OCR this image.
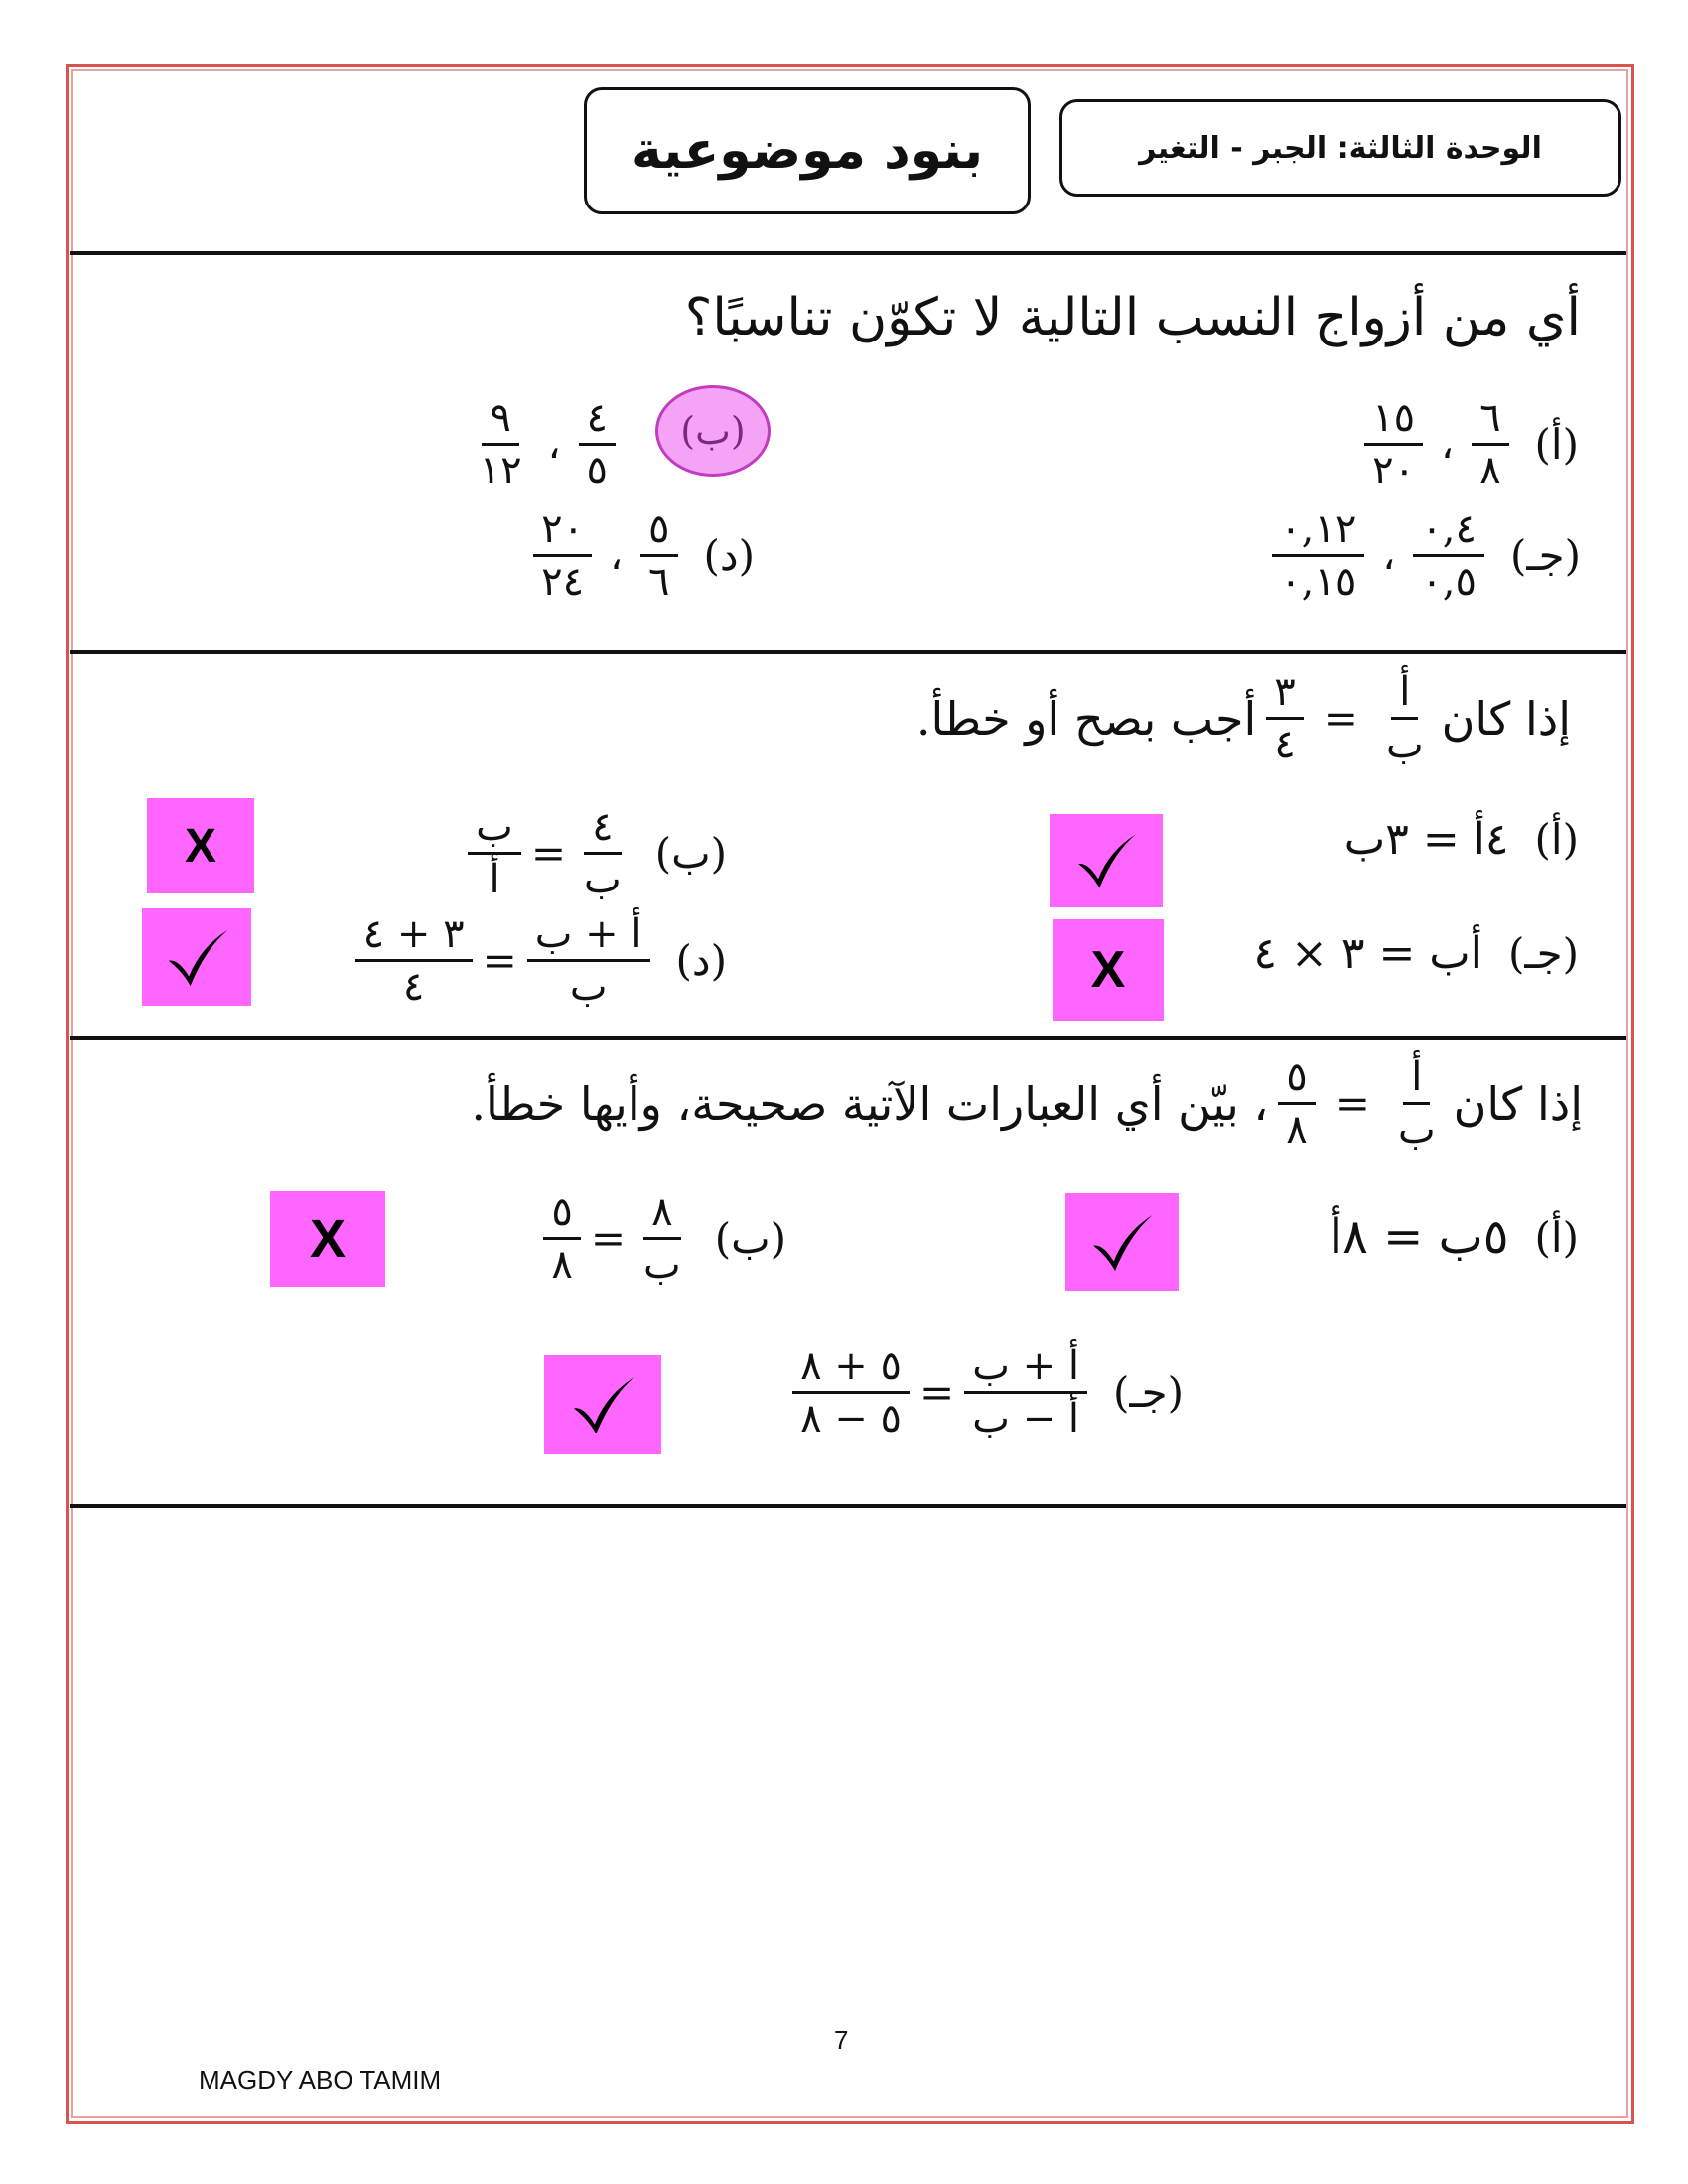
الوحدة الثالثة: الجبر - التغير
بنود موضوعية
أي من أزواج النسب التالية لا تكوّن تناسبًا؟
(أ)
$\frac{٦}{٨}$
،
$\frac{١٥}{٢٠}$
(ب)
$\frac{٤}{٥}$
،
$\frac{٩}{١٢}$
(جـ)
$\frac{٠,٤}{٠,٥}$
،
$\frac{٠,١٢}{٠,١٥}$
(د)
$\frac{٥}{٦}$
،
$\frac{٢٠}{٢٤}$
إذا كان
$\frac{\text{أ}}{\text{ب}}$
=
$\frac{٣}{٤}$
أجب بصح أو خطأ.
(أ)
٤أ = ٣ب
(جـ)
أب = ٣ × ٤
X
(ب)
$\frac{٤}{\text{ب}}$
=
$\frac{\text{ب}}{\text{أ}}$
X
(د)
$\frac{\text{أ + ب}}{\text{ب}}$
=
$\frac{٣ + ٤}{٤}$
إذا كان
$\frac{\text{أ}}{\text{ب}}$
=
$\frac{٥}{٨}$
، بيّن أي العبارات الآتية صحيحة، وأيها خطأ.
(أ)
٥ب = ٨أ
(ب)
$\frac{٨}{\text{ب}}$
=
$\frac{٥}{٨}$
X
(جـ)
$\frac{\text{أ + ب}}{\text{أ − ب}}$
=
$\frac{٥ + ٨}{٥ - ٨}$
7
MAGDY ABO TAMIM
